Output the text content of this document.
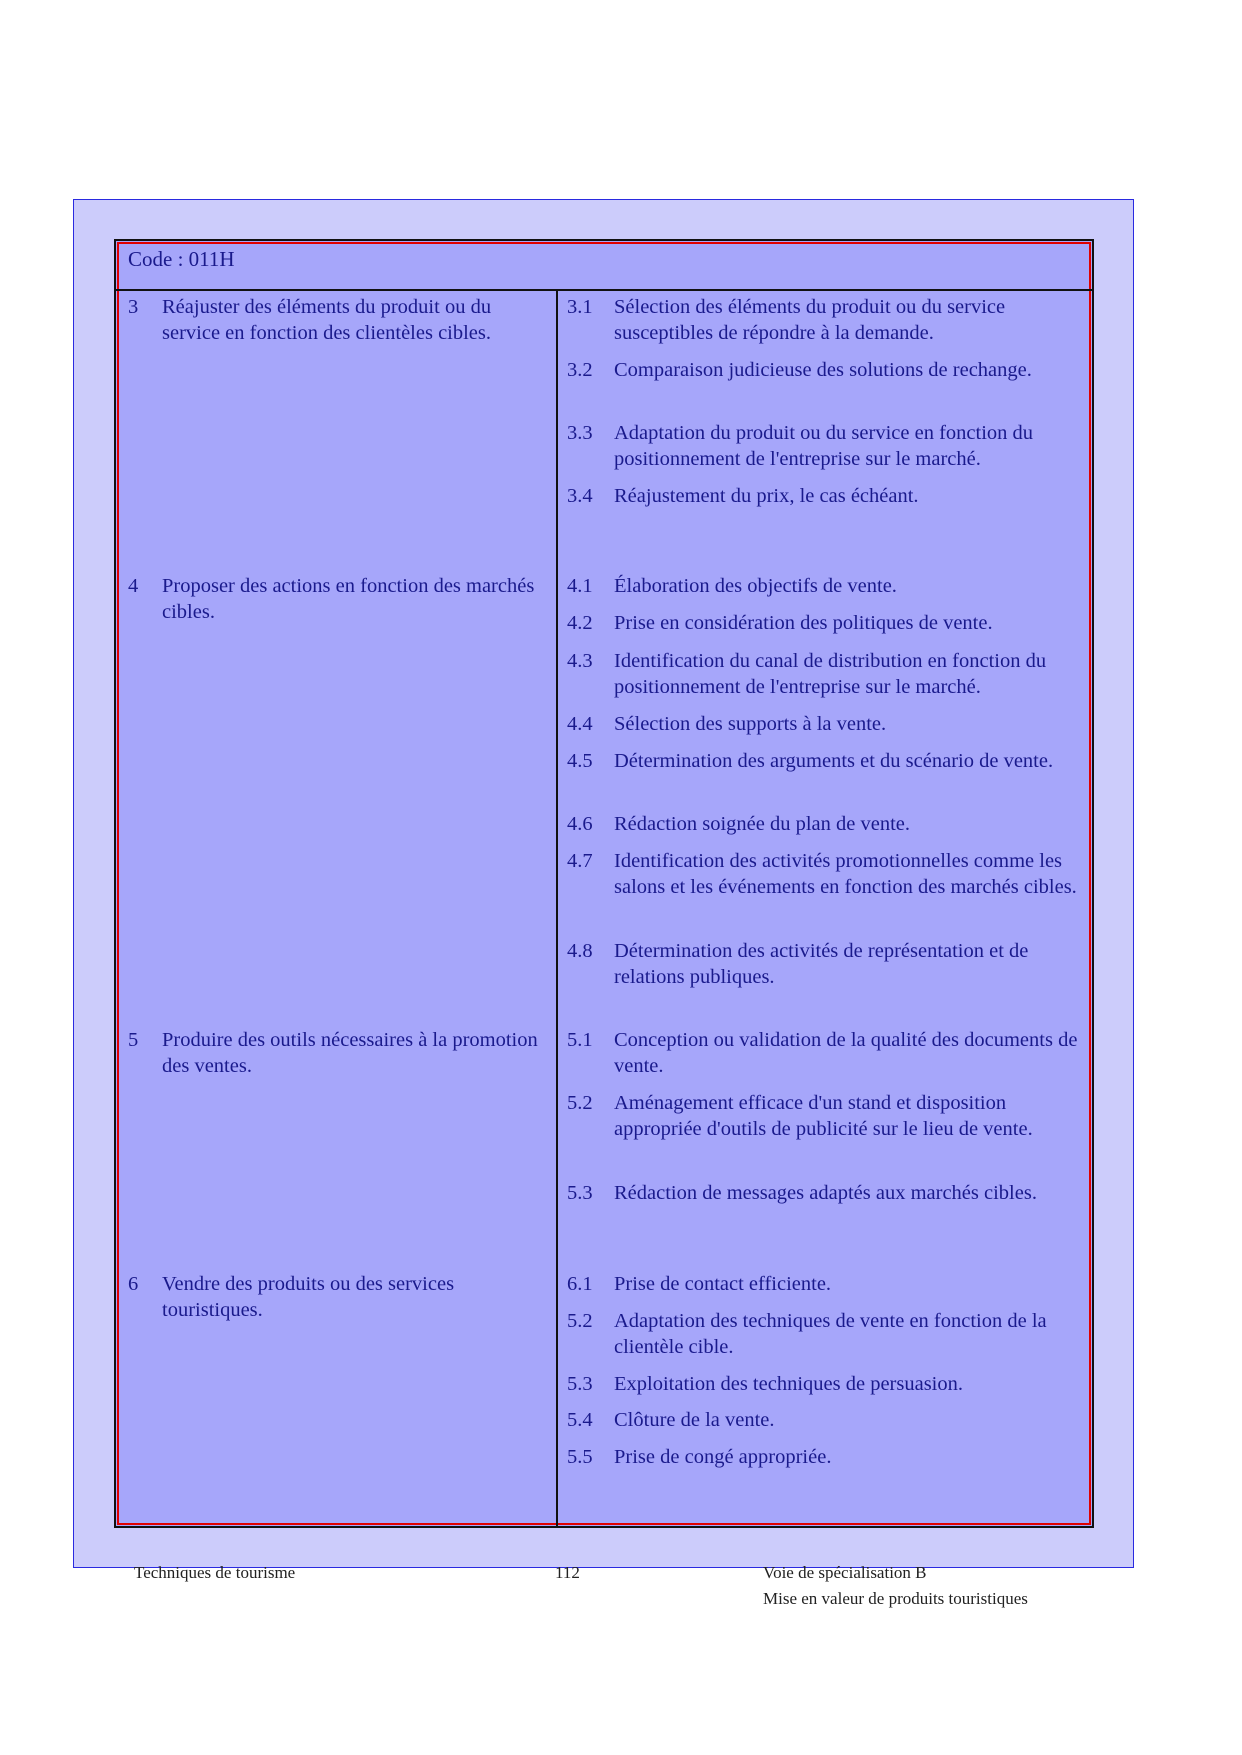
Code : 011H
3 Réajuster des éléments du produit ou du service en fonction des clientèles cibles.
4 Proposer des actions en fonction des marchés cibles.
5 Produire des outils nécessaires à la promotion des ventes.
6 Vendre des produits ou des services touristiques.
3.1 Sélection des éléments du produit ou du service susceptibles de répondre à la demande.
3.2 Comparaison judicieuse des solutions de rechange.
3.3 Adaptation du produit ou du service en fonction du positionnement de l'entreprise sur le marché.
3.4 Réajustement du prix, le cas échéant.
4.1 Élaboration des objectifs de vente.
4.2 Prise en considération des politiques de vente.
4.3 Identification du canal de distribution en fonction du positionnement de l'entreprise sur le marché.
4.4 Sélection des supports à la vente.
4.5 Détermination des arguments et du scénario de vente.
4.6 Rédaction soignée du plan de vente.
4.7 Identification des activités promotionnelles comme les salons et les événements en fonction des marchés cibles.
4.8 Détermination des activités de représentation et de relations publiques.
5.1 Conception ou validation de la qualité des documents de vente.
5.2 Aménagement efficace d'un stand et disposition appropriée d'outils de publicité sur le lieu de vente.
5.3 Rédaction de messages adaptés aux marchés cibles.
6.1 Prise de contact efficiente.
5.2 Adaptation des techniques de vente en fonction de la clientèle cible.
5.3 Exploitation des techniques de persuasion.
5.4 Clôture de la vente.
5.5 Prise de congé appropriée.
Techniques de tourisme	112	Voie de spécialisation B
Mise en valeur de produits touristiques
